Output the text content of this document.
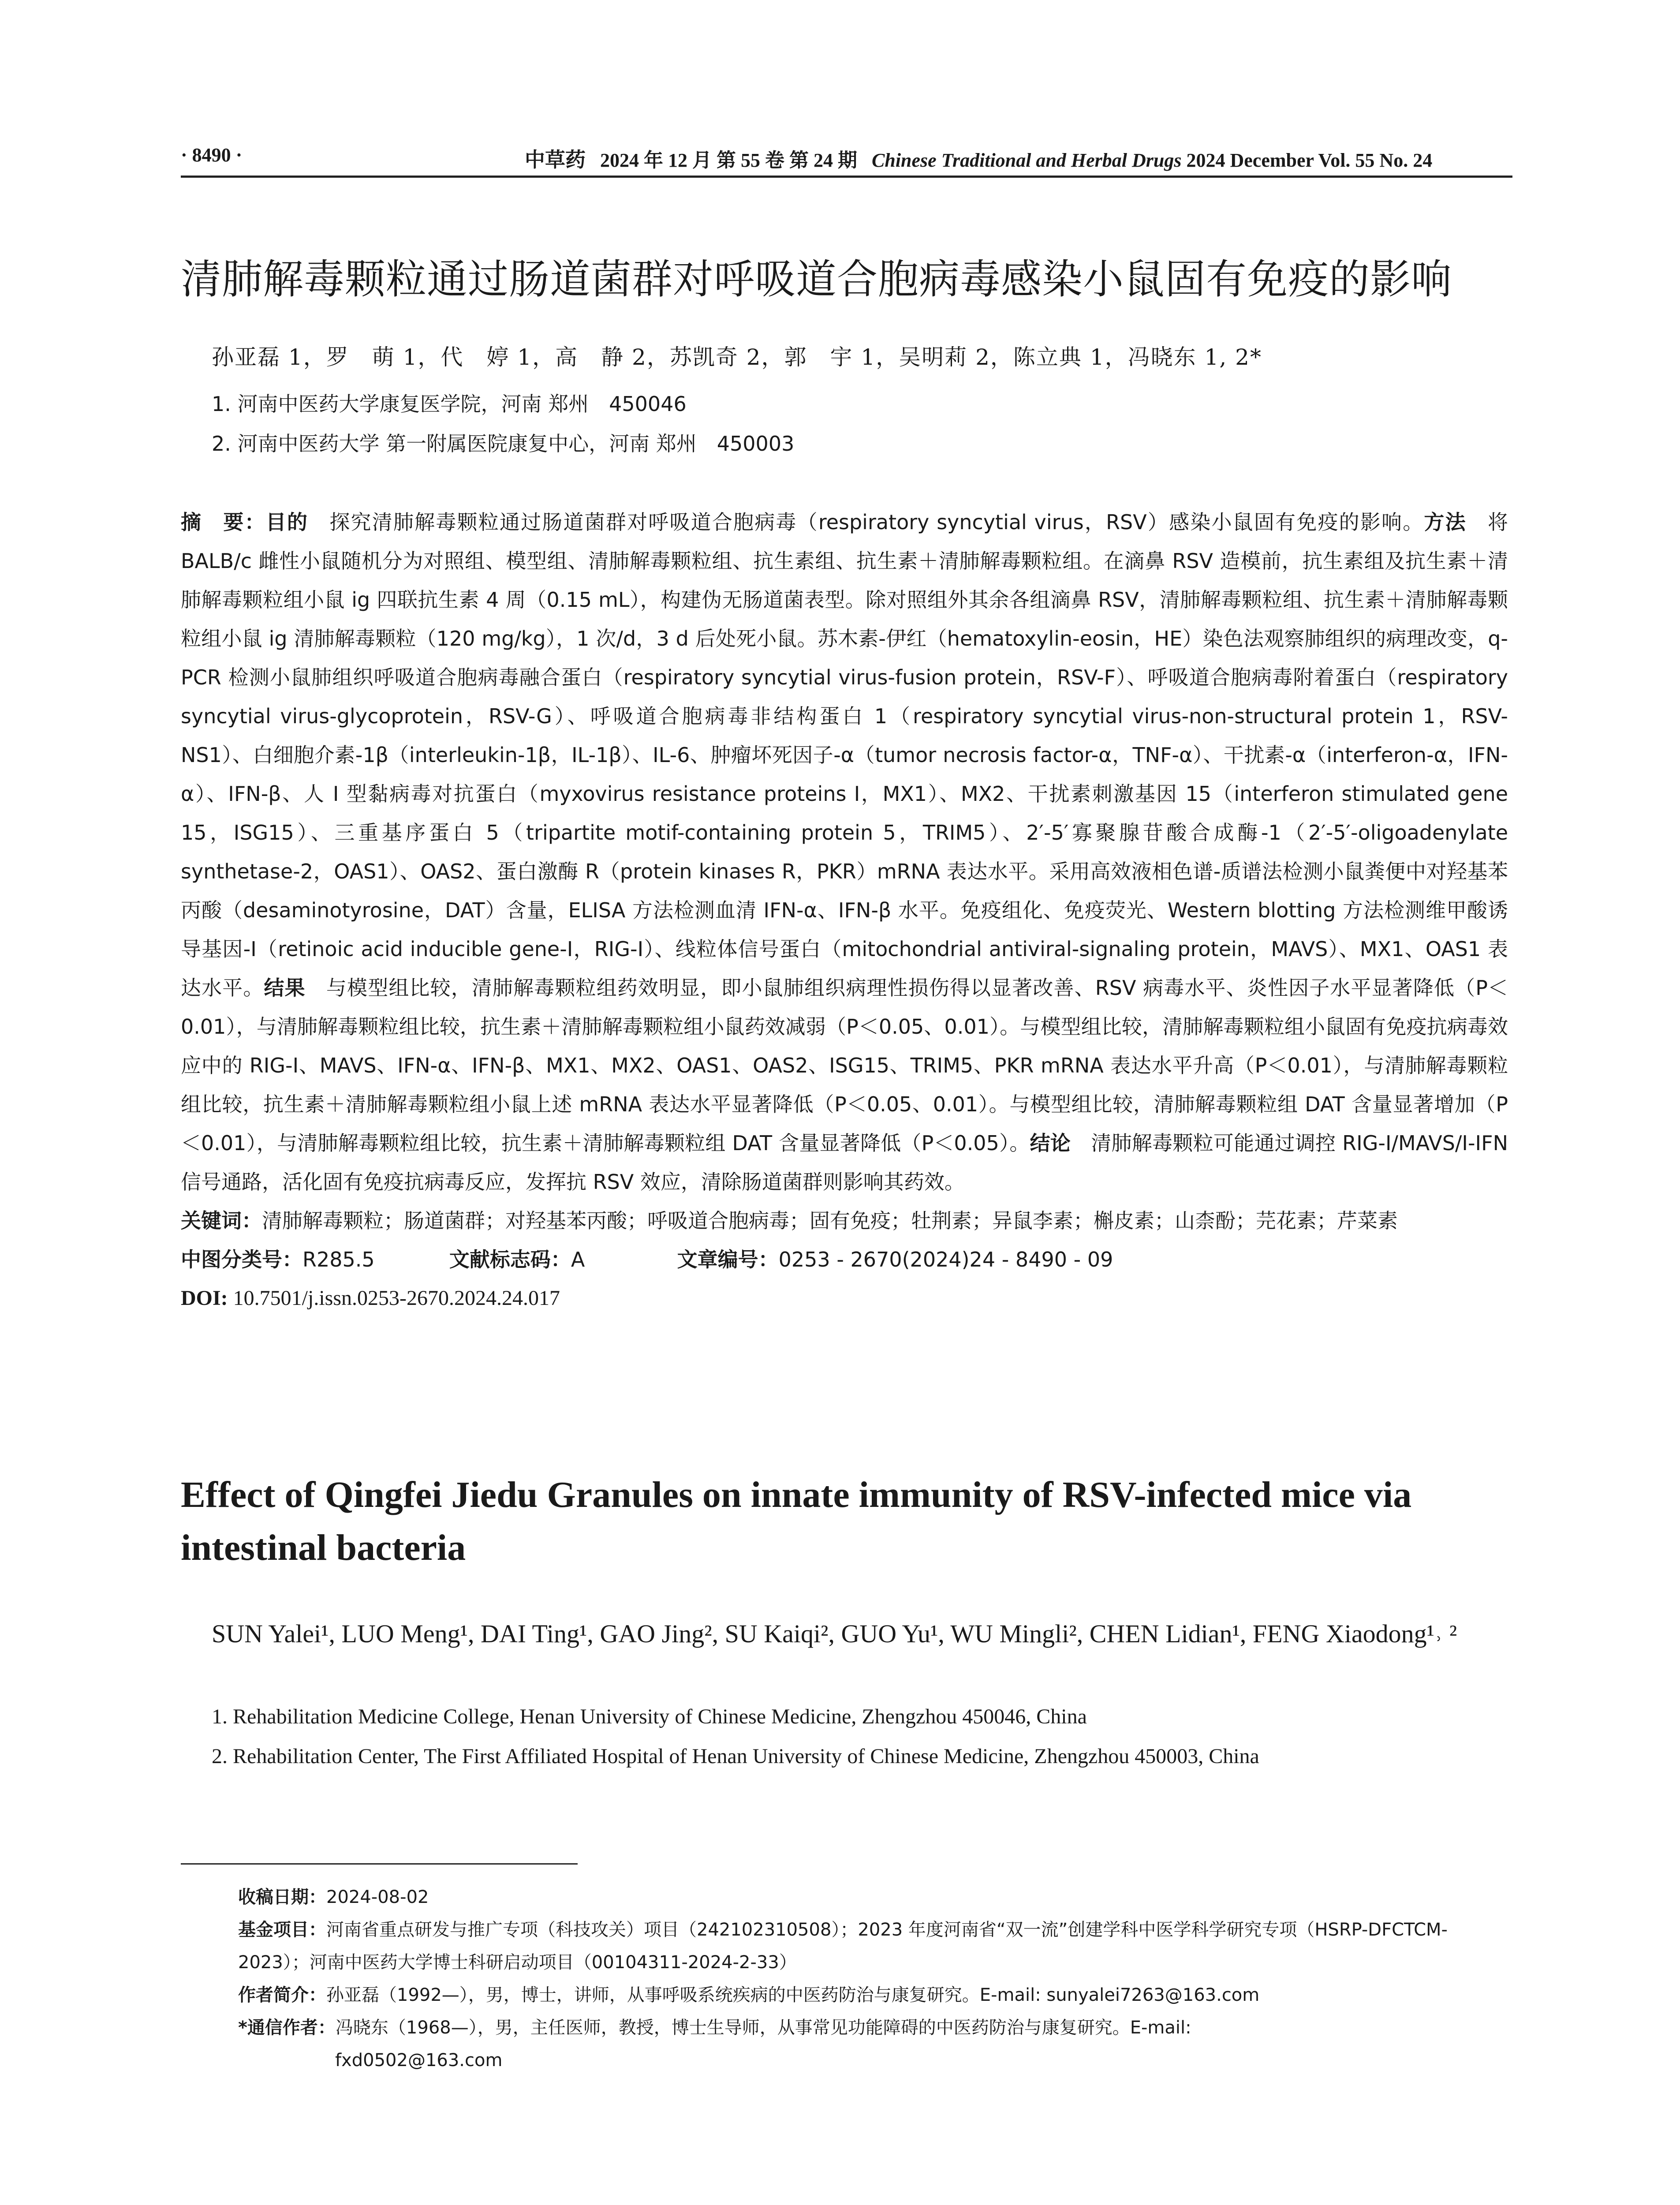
· 8490 ·	中草药 2024 年 12 月 第 55 卷 第 24 期 Chinese Traditional and Herbal Drugs 2024 December Vol. 55 No. 24
清肺解毒颗粒通过肠道菌群对呼吸道合胞病毒感染小鼠固有免疫的影响
孙亚磊 1，罗　萌 1，代　婷 1，高　静 2，苏凯奇 2，郭　宇 1，吴明莉 2，陈立典 1，冯晓东 1, 2*
1. 河南中医药大学康复医学院，河南 郑州　450046
2. 河南中医药大学 第一附属医院康复中心，河南 郑州　450003
摘　要：目的　探究清肺解毒颗粒通过肠道菌群对呼吸道合胞病毒（respiratory syncytial virus，RSV）感染小鼠固有免疫的影响。方法　将 BALB/c 雌性小鼠随机分为对照组、模型组、清肺解毒颗粒组、抗生素组、抗生素＋清肺解毒颗粒组。在滴鼻 RSV 造模前，抗生素组及抗生素＋清肺解毒颗粒组小鼠 ig 四联抗生素 4 周（0.15 mL），构建伪无肠道菌表型。除对照组外其余各组滴鼻 RSV，清肺解毒颗粒组、抗生素＋清肺解毒颗粒组小鼠 ig 清肺解毒颗粒（120 mg/kg），1 次/d，3 d 后处死小鼠。苏木素-伊红（hematoxylin-eosin，HE）染色法观察肺组织的病理改变，q-PCR 检测小鼠肺组织呼吸道合胞病毒融合蛋白（respiratory syncytial virus-fusion protein，RSV-F）、呼吸道合胞病毒附着蛋白（respiratory syncytial virus-glycoprotein，RSV-G）、呼吸道合胞病毒非结构蛋白 1（respiratory syncytial virus-non-structural protein 1，RSV-NS1）、白细胞介素-1β（interleukin-1β，IL-1β）、IL-6、肿瘤坏死因子-α（tumor necrosis factor-α，TNF-α）、干扰素-α（interferon-α，IFN-α）、IFN-β、人 I 型黏病毒对抗蛋白（myxovirus resistance proteins I，MX1）、MX2、干扰素刺激基因 15（interferon stimulated gene 15，ISG15）、三重基序蛋白 5（tripartite motif-containing protein 5，TRIM5）、2′-5′寡聚腺苷酸合成酶-1（2′-5′-oligoadenylate synthetase-2，OAS1）、OAS2、蛋白激酶 R（protein kinases R，PKR）mRNA 表达水平。采用高效液相色谱-质谱法检测小鼠粪便中对羟基苯丙酸（desaminotyrosine，DAT）含量，ELISA 方法检测血清 IFN-α、IFN-β 水平。免疫组化、免疫荧光、Western blotting 方法检测维甲酸诱导基因-I（retinoic acid inducible gene-I，RIG-I）、线粒体信号蛋白（mitochondrial antiviral-signaling protein，MAVS）、MX1、OAS1 表达水平。结果　与模型组比较，清肺解毒颗粒组药效明显，即小鼠肺组织病理性损伤得以显著改善、RSV 病毒水平、炎性因子水平显著降低（P＜0.01），与清肺解毒颗粒组比较，抗生素＋清肺解毒颗粒组小鼠药效减弱（P＜0.05、0.01）。与模型组比较，清肺解毒颗粒组小鼠固有免疫抗病毒效应中的 RIG-I、MAVS、IFN-α、IFN-β、MX1、MX2、OAS1、OAS2、ISG15、TRIM5、PKR mRNA 表达水平升高（P＜0.01），与清肺解毒颗粒组比较，抗生素＋清肺解毒颗粒组小鼠上述 mRNA 表达水平显著降低（P＜0.05、0.01）。与模型组比较，清肺解毒颗粒组 DAT 含量显著增加（P＜0.01），与清肺解毒颗粒组比较，抗生素＋清肺解毒颗粒组 DAT 含量显著降低（P＜0.05）。结论　清肺解毒颗粒可能通过调控 RIG-I/MAVS/I-IFN 信号通路，活化固有免疫抗病毒反应，发挥抗 RSV 效应，清除肠道菌群则影响其药效。
关键词：清肺解毒颗粒；肠道菌群；对羟基苯丙酸；呼吸道合胞病毒；固有免疫；牡荆素；异鼠李素；槲皮素；山柰酚；芫花素；芹菜素
中图分类号：R285.5	文献标志码：A	文章编号：0253 - 2670(2024)24 - 8490 - 09
DOI: 10.7501/j.issn.0253-2670.2024.24.017
Effect of Qingfei Jiedu Granules on innate immunity of RSV-infected mice via intestinal bacteria
SUN Yalei¹, LUO Meng¹, DAI Ting¹, GAO Jing², SU Kaiqi², GUO Yu¹, WU Mingli², CHEN Lidian¹, FENG Xiaodong¹˒ ²
1. Rehabilitation Medicine College, Henan University of Chinese Medicine, Zhengzhou 450046, China
2. Rehabilitation Center, The First Affiliated Hospital of Henan University of Chinese Medicine, Zhengzhou 450003, China
收稿日期：2024-08-02
基金项目：河南省重点研发与推广专项（科技攻关）项目（242102310508）；2023 年度河南省“双一流”创建学科中医学科学研究专项（HSRP-DFCTCM-2023）；河南中医药大学博士科研启动项目（00104311-2024-2-33）
作者简介：孙亚磊（1992—），男，博士，讲师，从事呼吸系统疾病的中医药防治与康复研究。E-mail: sunyalei7263@163.com
*通信作者：冯晓东（1968—），男，主任医师，教授，博士生导师，从事常见功能障碍的中医药防治与康复研究。E-mail:
fxd0502@163.com
